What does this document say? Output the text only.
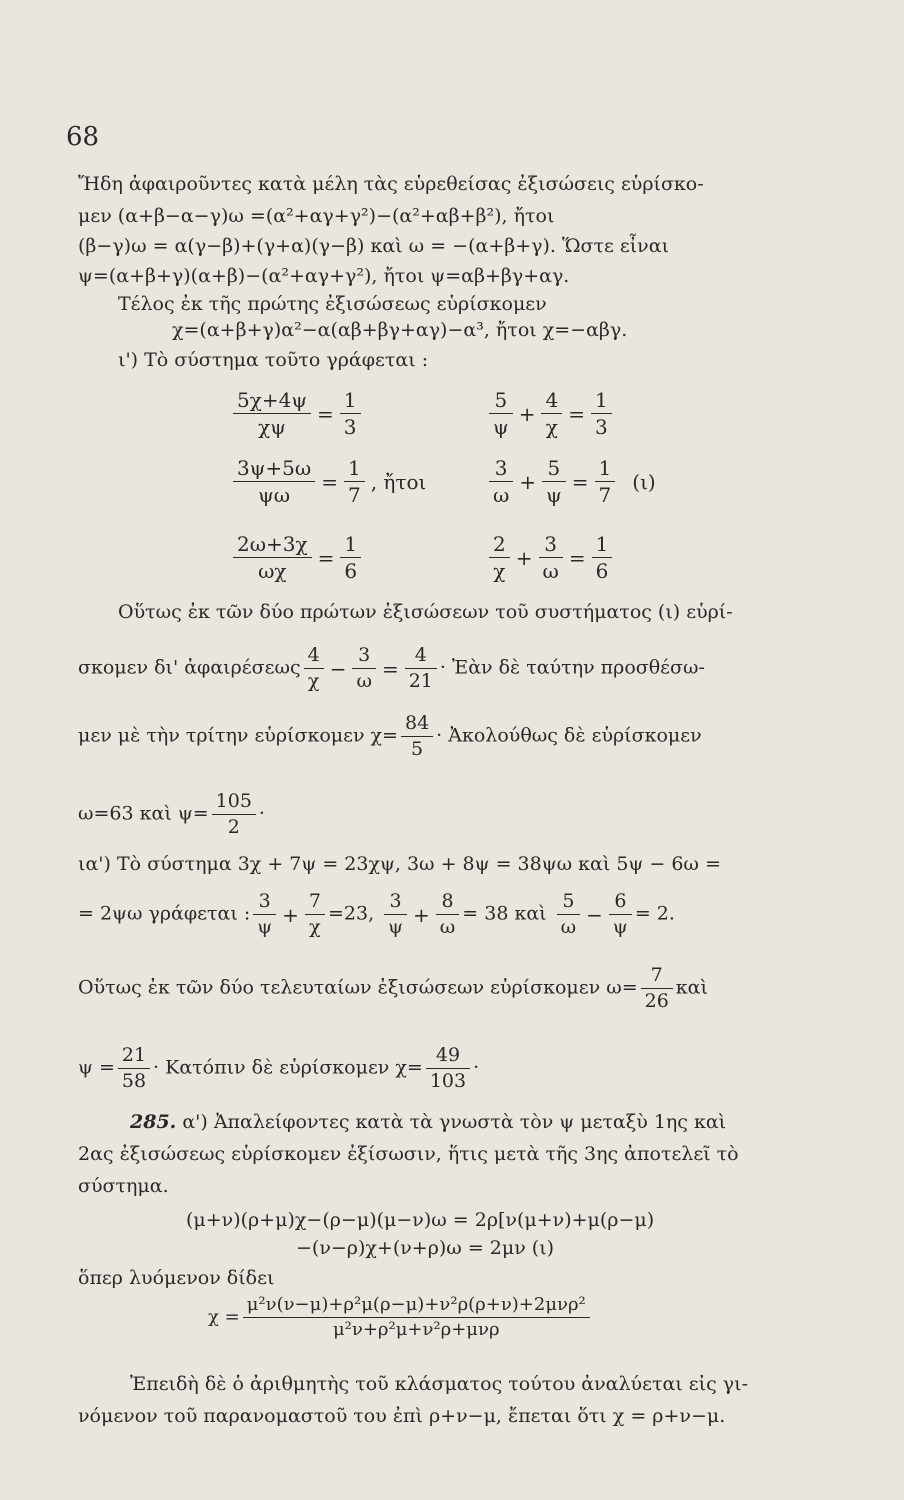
68
Ἤδη ἀφαιροῦντες κατὰ μέλη τὰς εὑρεθείσας ἐξισώσεις εὑρίσκο-
μεν (α+β−α−γ)ω =(α²+αγ+γ²)−(α²+αβ+β²), ἤτοι
(β−γ)ω = α(γ−β)+(γ+α)(γ−β) καὶ ω = −(α+β+γ). Ὥστε εἶναι
ψ=(α+β+γ)(α+β)−(α²+αγ+γ²), ἤτοι ψ=αβ+βγ+αγ.
Τέλος ἐκ τῆς πρώτης ἐξισώσεως εὑρίσκομεν
χ=(α+β+γ)α²−α(αβ+βγ+αγ)−α³, ἤτοι χ=−αβγ.
ι') Τὸ σύστημα τοῦτο γράφεται :
$\frac{5\chi+4\psi}{\chi\psi} = \frac{1}{3}$
$\frac{3\psi+5\omega}{\psi\omega} = \frac{1}{7}$ , ἤτοι
$\frac{2\omega+3\chi}{\omega\chi} = \frac{1}{6}$
$\frac{5}{\psi} + \frac{4}{\chi} = \frac{1}{3}$
$\frac{3}{\omega} + \frac{5}{\psi} = \frac{1}{7} (\iota)$
$\frac{2}{\chi} + \frac{3}{\omega} = \frac{1}{6}$
Οὕτως ἐκ τῶν δύο πρώτων ἐξισώσεων τοῦ συστήματος (ι) εὑρί-
σκομεν δι' ἀφαιρέσεως $\frac{4}{\chi} - \frac{3}{\omega} = \frac{4}{21}$ · Ἐὰν δὲ ταύτην προσθέσω-
μεν μὲ τὴν τρίτην εὑρίσκομεν $\chi= \frac{84}{5}$ · Ἀκολούθως δὲ εὑρίσκομεν
ω=63 καὶ $\psi= \frac{105}{2}$ ·
ια') Τὸ σύστημα 3χ + 7ψ = 23χψ, 3ω + 8ψ = 38ψω καὶ 5ψ − 6ω =
= 2ψω γράφεται : $\frac{3}{\psi} + \frac{7}{\chi} =23$, $\frac{3}{\psi} + \frac{8}{\omega} = 38$ καὶ $\frac{5}{\omega} - \frac{6}{\psi} = 2$.
Οὕτως ἐκ τῶν δύο τελευταίων ἐξισώσεων εὑρίσκομεν $\omega= \frac{7}{26}$ καὶ
$\psi = \frac{21}{58} \cdot K\alpha\tau ό\pi\iota\nu$ δὲ εὑρίσκομεν $\chi= \frac{49}{103}$ ·
285. α') Ἀπαλείφοντες κατὰ τὰ γνωστὰ τὸν ψ μεταξὺ 1ης καὶ
2ας ἐξισώσεως εὑρίσκομεν ἐξίσωσιν, ἥτις μετὰ τῆς 3ης ἀποτελεῖ τὸ
σύστημα.
(μ+ν)(ρ+μ)χ−(ρ−μ)(μ−ν)ω = 2ρ[ν(μ+ν)+μ(ρ−μ)
−(ν−ρ)χ+(ν+ρ)ω = 2μν (ι)
ὅπερ λυόμενον δίδει
$\chi = \frac{\text{μ²ν(ν−μ)+ρ²μ(ρ−μ)+ν²ρ(ρ+ν)+2μνρ²}}{\text{μ²ν+ρ²μ+ν²ρ+μνρ}}$
Ἐπειδὴ δὲ ὁ ἀριθμητὴς τοῦ κλάσματος τούτου ἀναλύεται εἰς γι-
νόμενον τοῦ παρανομαστοῦ του ἐπὶ ρ+ν−μ, ἔπεται ὅτι χ = ρ+ν−μ.
